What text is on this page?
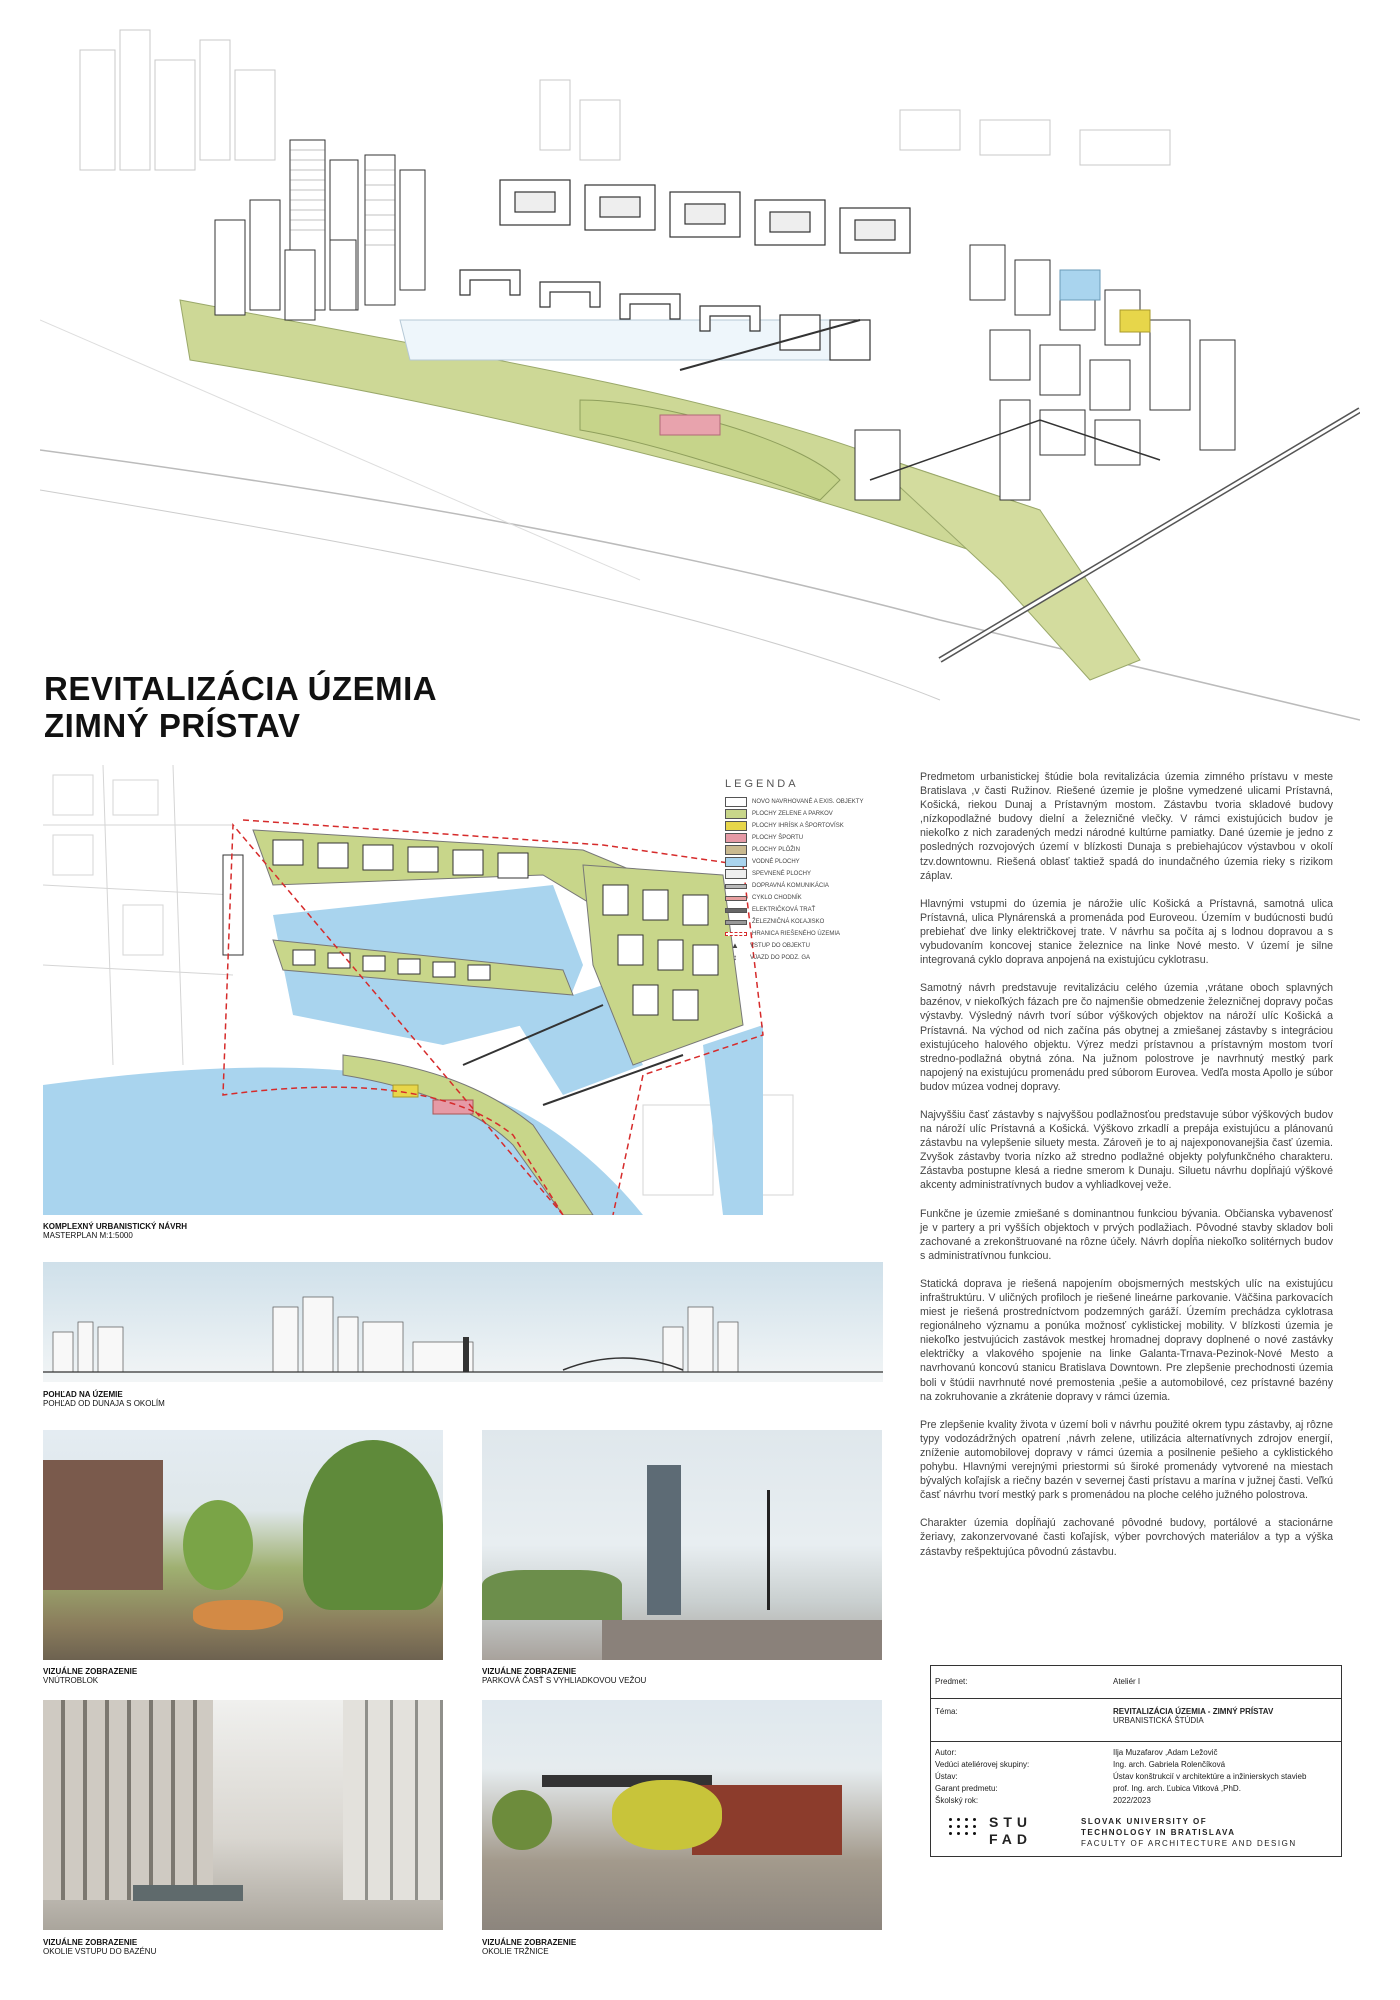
REVITALIZÁCIA ÚZEMIA
ZIMNÝ PRÍSTAV
LEGENDA
NOVO NAVRHOVANÉ A EXIS. OBJEKTY
PLOCHY ZELENE A PARKOV
PLOCHY IHRÍSK A ŠPORTOVÍSK
PLOCHY ŠPORTU
PLOCHY PLÔŽIN
VODNÉ PLOCHY
SPEVNENÉ PLOCHY
DOPRAVNÁ KOMUNIKÁCIA
CYKLO CHODNÍK
ELEKTRIČKOVÁ TRAŤ
ŽELEZNIČNÁ KOĽAJISKO
HRANICA RIEŠENÉHO ÚZEMIA
▲	VSTUP DO OBJEKTU
↕	VJAZD DO PODZ. GA
KOMPLEXNÝ URBANISTICKÝ NÁVRH
MASTERPLAN M:1:5000
POHĽAD NA ÚZEMIE
POHĽAD OD DUNAJA S OKOLÍM
VIZUÁLNE ZOBRAZENIE
VNÚTROBLOK
VIZUÁLNE ZOBRAZENIE
PARKOVÁ ČASŤ S VYHLIADKOVOU VEŽOU
VIZUÁLNE ZOBRAZENIE
OKOLIE VSTUPU DO BAZÉNU
VIZUÁLNE ZOBRAZENIE
OKOLIE TRŽNICE

Predmetom urbanistickej štúdie bola revitalizácia územia zimného prístavu v meste Bratislava ,v časti Ružinov. Riešené územie je plošne vymedzené ulicami Prístavná, Košická, riekou Dunaj a Prístavným mostom. Zástavbu tvoria skladové budovy ,nízkopodlažné budovy dielní a železničné vlečky. V rámci existujúcich budov je niekoľko z nich zaradených medzi národné kultúrne pamiatky. Dané územie je jedno z posledných rozvojových území v blízkosti Dunaja s prebiehajúcov výstavbou v okolí tzv.downtownu. Riešená oblasť taktiež spadá do inundačného územia rieky s rizikom záplav.

Hlavnými vstupmi do územia je nárožie ulíc Košická a Prístavná, samotná ulica Prístavná, ulica Plynárenská a promenáda pod Euroveou. Územím v budúcnosti budú prebiehať dve linky električkovej trate. V návrhu sa počíta aj s lodnou dopravou a s vybudovaním koncovej stanice železnice na linke Nové mesto. V území je silne integrovaná cyklo doprava anpojená na existujúcu cyklotrasu.

Samotný návrh predstavuje revitalizáciu celého územia ,vrátane oboch splavných bazénov, v niekoľkých fázach pre čo najmenšie obmedzenie železničnej dopravy počas výstavby. Výsledný návrh tvorí súbor výškových objektov na nároží ulíc Košická a Prístavná. Na východ od nich začína pás obytnej a zmiešanej zástavby s integráciou existujúceho halového objektu. Výrez medzi prístavnou a prístavným mostom tvorí stredno-podlažná obytná zóna. Na južnom polostrove je navrhnutý mestký park napojený na existujúcu promenádu pred súborom Eurovea. Vedľa mosta Apollo je súbor budov múzea vodnej dopravy.

Najvyššiu časť zástavby s najvyššou podlažnosťou predstavuje súbor výškových budov na nároží ulíc Prístavná a Košická. Výškovo zrkadlí a prepája existujúcu a plánovanú zástavbu na vylepšenie siluety mesta. Zároveň je to aj najexponovanejšia časť územia. Zvyšok zástavby tvoria nízko až stredno podlažné objekty polyfunkčného charakteru. Zástavba postupne klesá a riedne smerom k Dunaju. Siluetu návrhu dopĺňajú výškové akcenty administratívnych budov a vyhliadkovej veže.

Funkčne je územie zmiešané s dominantnou funkciou bývania. Občianska vybavenosť je v partery a pri vyšších objektoch v prvých podlažiach. Pôvodné stavby skladov boli zachované a zrekonštruované na rôzne účely. Návrh dopĺňa niekoľko solitérnych budov s administratívnou funkciou.

Statická doprava je riešená napojením obojsmerných mestských ulíc na existujúcu infraštruktúru. V uličných profiloch je riešené lineárne parkovanie. Väčšina parkovacích miest je riešená prostredníctvom podzemných garáží. Územím prechádza cyklotrasa regionálneho významu a ponúka možnosť cyklistickej mobility. V blízkosti územia je niekoľko jestvujúcich zastávok mestkej hromadnej dopravy doplnené o nové zastávky električky a vlakového spojenie na linke Galanta-Trnava-Pezinok-Nové Mesto a navrhovanú koncovú stanicu Bratislava Downtown. Pre zlepšenie prechodnosti územia boli v štúdii navrhnuté nové premostenia ,pešie a automobilové, cez prístavné bazény na zokruhovanie a zkrátenie dopravy v rámci územia.

Pre zlepšenie kvality života v území boli v návrhu použité okrem typu zástavby, aj rôzne typy vodozádržných opatrení ,návrh zelene, utilizácia alternatívnych zdrojov energií, zníženie automobilovej dopravy v rámci územia a posilnenie pešieho a cyklistického pohybu. Hlavnými verejnými priestormi sú široké promenády vytvorené na miestach bývalých koľajísk a riečny bazén v severnej časti prístavu a marína v južnej časti. Veľkú časť návrhu tvorí mestký park s promenádou na ploche celého južného polostrova.

Charakter územia dopĺňajú zachované pôvodné budovy, portálové a stacionárne žeriavy, zakonzervované časti koľajísk, výber povrchových materiálov a typ a výška zástavby rešpektujúca pôvodnú zástavbu.

Predmet:	Ateliér I
Téma:	REVITALIZÁCIA ÚZEMIA - ZIMNÝ PRÍSTAV
URBANISTICKÁ ŠTÚDIA
Autor:	Ilja Muzafarov ,Adam Ležovič
Vedúci ateliérovej skupiny:	Ing. arch. Gabriela Rolenčíková
Ústav:	Ústav konštrukcií v architektúre a inžinierskych stavieb
Garant predmetu:	prof. Ing. arch. Ľubica Vitková ,PhD.
Školský rok:	2022/2023

STU
FAD
SLOVAK UNIVERSITY OF
TECHNOLOGY IN BRATISLAVA
FACULTY OF ARCHITECTURE AND DESIGN
